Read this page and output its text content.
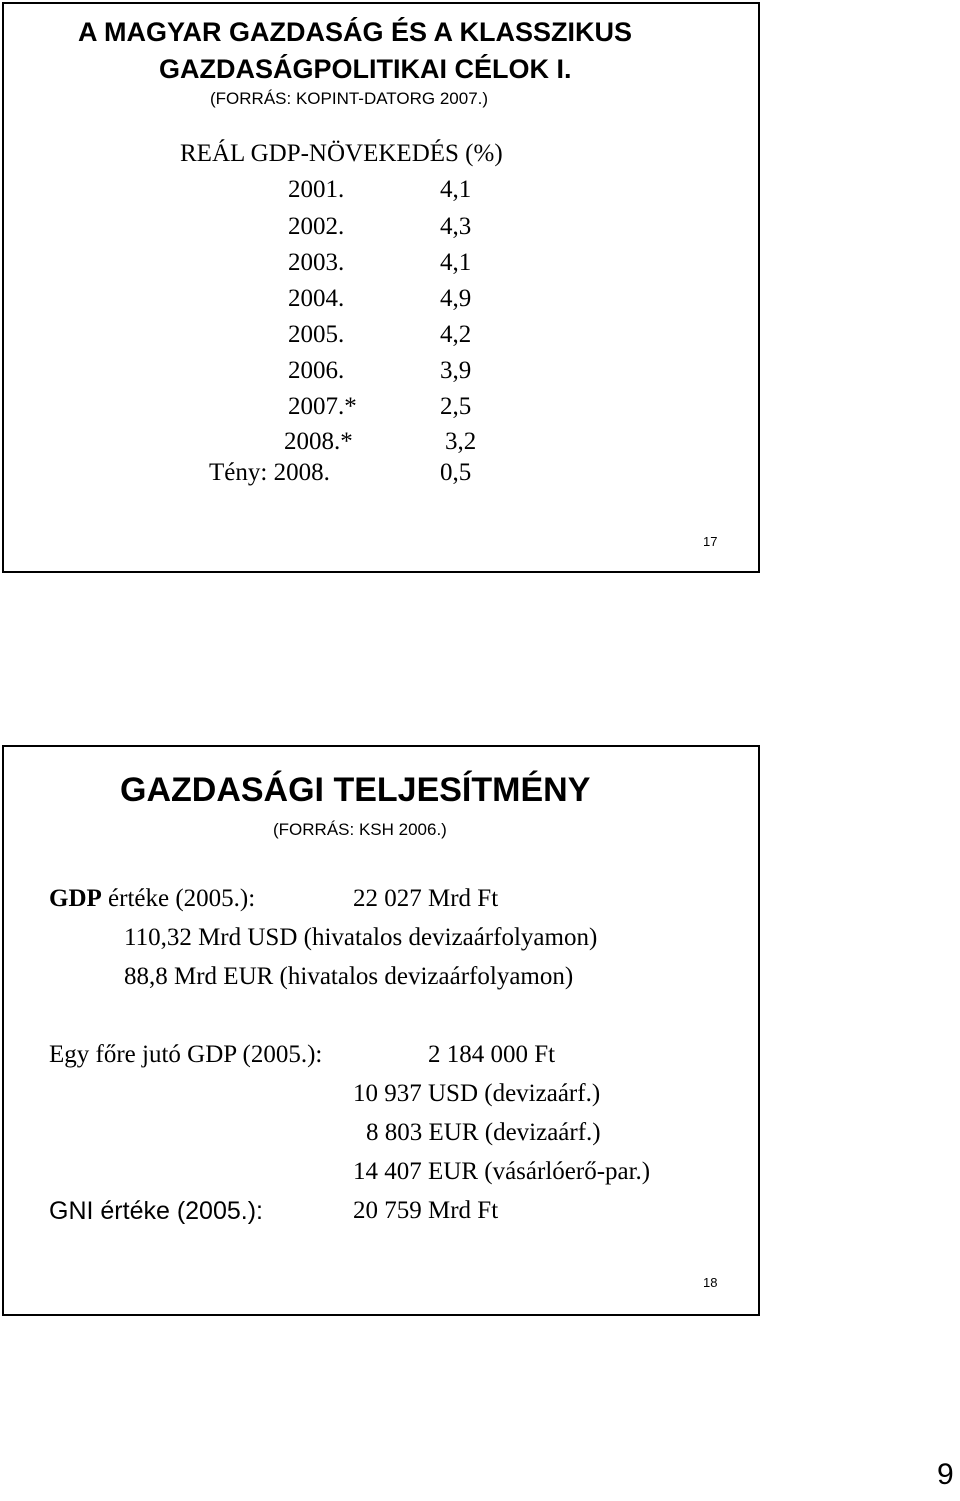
A MAGYAR GAZDASÁG ÉS A KLASSZIKUS
GAZDASÁGPOLITIKAI CÉLOK I.
(FORRÁS: KOPINT-DATORG 2007.)
REÁL GDP-NÖVEKEDÉS (%)
2001.	4,1
2002.	4,3
2003.	4,1
2004.	4,9
2005.	4,2
2006.	3,9
2007.*	2,5
2008.*	3,2
Tény: 2008.	0,5
17
GAZDASÁGI TELJESÍTMÉNY
(FORRÁS: KSH 2006.)
GDP értéke (2005.):	22 027 Mrd Ft
110,32 Mrd USD (hivatalos devizaárfolyamon)
88,8 Mrd EUR (hivatalos devizaárfolyamon)
Egy főre jutó GDP (2005.):	2 184 000 Ft
10 937 USD (devizaárf.)
8 803 EUR (devizaárf.)
14 407 EUR (vásárlóerő-par.)
GNI értéke (2005.):	20 759 Mrd Ft
18
9
